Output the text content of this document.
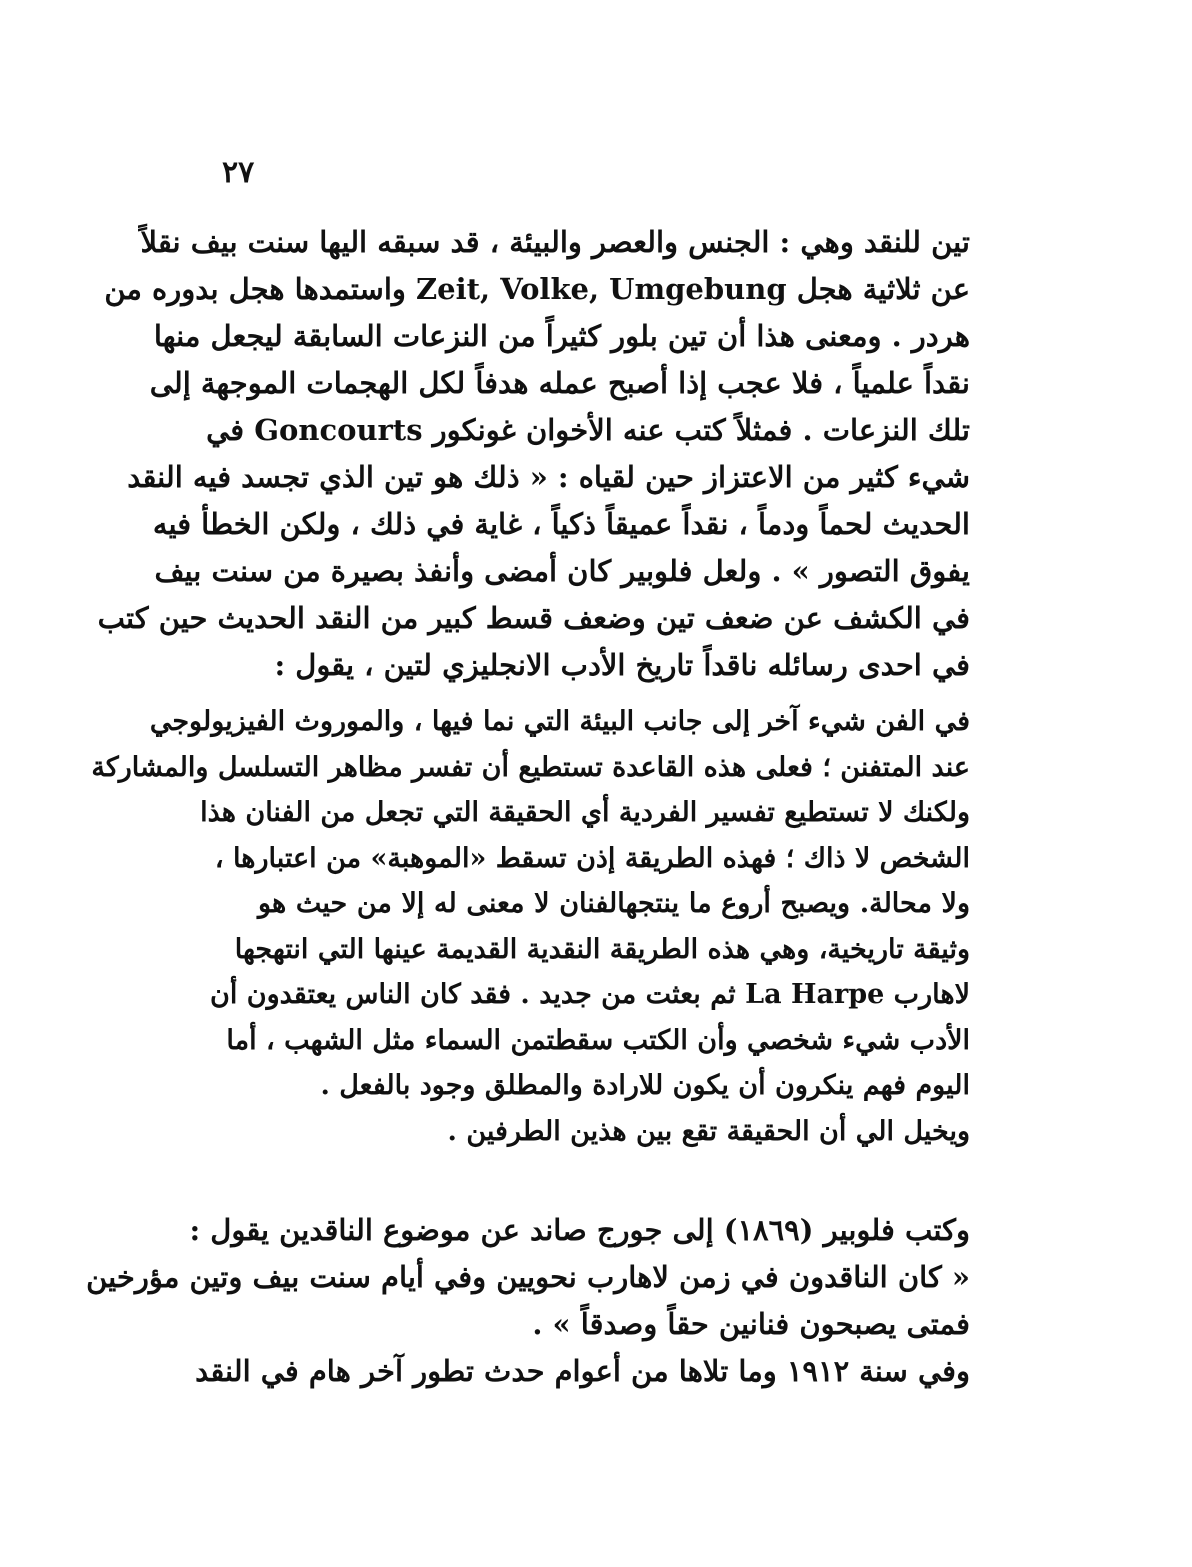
٢٧
تين للنقد وهي : الجنس والعصر والبيئة ، قد سبقه اليها سنت بيف نقلاً
عن ثلاثية هجل Zeit, Volke, Umgebung واستمدها هجل بدوره من
هردر . ومعنى هذا أن تين بلور كثيراً من النزعات السابقة ليجعل منها
نقداً علمياً ، فلا عجب إذا أصبح عمله هدفاً لكل الهجمات الموجهة إلى
تلك النزعات . فمثلاً كتب عنه الأخوان غونكور Goncourts في
شيء كثير من الاعتزاز حين لقياه : « ذلك هو تين الذي تجسد فيه النقد
الحديث لحماً ودماً ، نقداً عميقاً ذكياً ، غاية في ذلك ، ولكن الخطأ فيه
يفوق التصور » . ولعل فلوبير كان أمضى وأنفذ بصيرة من سنت بيف
في الكشف عن ضعف تين وضعف قسط كبير من النقد الحديث حين كتب
في احدى رسائله ناقداً تاريخ الأدب الانجليزي لتين ، يقول :
في الفن شيء آخر إلى جانب البيئة التي نما فيها ، والموروث الفيزيولوجي
عند المتفنن ؛ فعلى هذه القاعدة تستطيع أن تفسر مظاهر التسلسل والمشاركة
ولكنك لا تستطيع تفسير الفردية أي الحقيقة التي تجعل من الفنان هذا
الشخص لا ذاك ؛ فهذه الطريقة إذن تسقط «الموهبة» من اعتبارها ،
ولا محالة. ويصبح أروع ما ينتجهالفنان لا معنى له إلا من حيث هو
وثيقة تاريخية، وهي هذه الطريقة النقدية القديمة عينها التي انتهجها
لاهارب La Harpe ثم بعثت من جديد . فقد كان الناس يعتقدون أن
الأدب شيء شخصي وأن الكتب سقطتمن السماء مثل الشهب ، أما
اليوم فهم ينكرون أن يكون للارادة والمطلق وجود بالفعل .
ويخيل الي أن الحقيقة تقع بين هذين الطرفين .
وكتب فلوبير (١٨٦٩) إلى جورج صاند عن موضوع الناقدين يقول :
« كان الناقدون في زمن لاهارب نحويين وفي أيام سنت بيف وتين مؤرخين
فمتى يصبحون فنانين حقاً وصدقاً » .
وفي سنة ١٩١٢ وما تلاها من أعوام حدث تطور آخر هام في النقد
